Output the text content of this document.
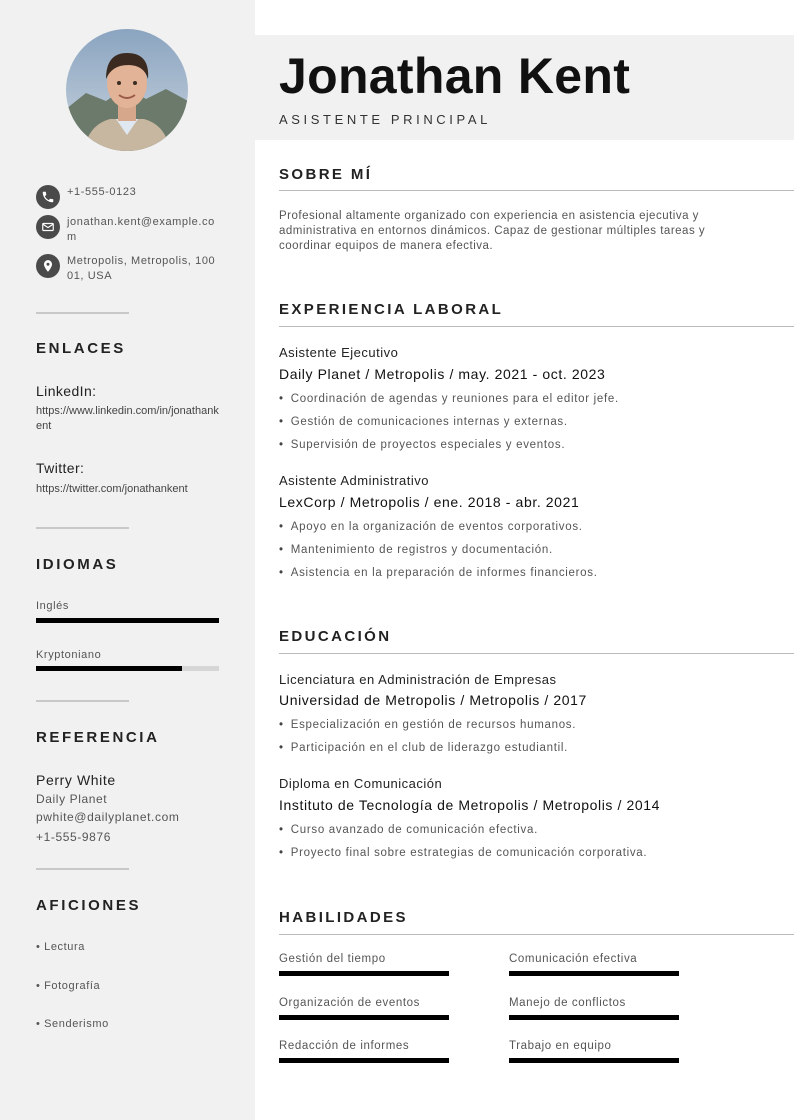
+1-555-0123
jonathan.kent@example.com
Metropolis, Metropolis, 10001, USA
ENLACES
LinkedIn:
https://www.linkedin.com/in/jonathankent
Twitter:
https://twitter.com/jonathankent
IDIOMAS
Inglés
Kryptoniano
REFERENCIA
Perry White
Daily Planet
pwhite@dailyplanet.com
+1-555-9876
AFICIONES
• Lectura
• Fotografía
• Senderismo
Jonathan Kent
ASISTENTE PRINCIPAL
SOBRE MÍ
Profesional altamente organizado con experiencia en asistencia ejecutiva y administrativa en entornos dinámicos. Capaz de gestionar múltiples tareas y coordinar equipos de manera efectiva.
EXPERIENCIA LABORAL
Asistente Ejecutivo
Daily Planet / Metropolis / may. 2021 - oct. 2023
• Coordinación de agendas y reuniones para el editor jefe.
• Gestión de comunicaciones internas y externas.
• Supervisión de proyectos especiales y eventos.
Asistente Administrativo
LexCorp / Metropolis / ene. 2018 - abr. 2021
• Apoyo en la organización de eventos corporativos.
• Mantenimiento de registros y documentación.
• Asistencia en la preparación de informes financieros.
EDUCACIÓN
Licenciatura en Administración de Empresas
Universidad de Metropolis / Metropolis / 2017
• Especialización en gestión de recursos humanos.
• Participación en el club de liderazgo estudiantil.
Diploma en Comunicación
Instituto de Tecnología de Metropolis / Metropolis / 2014
• Curso avanzado de comunicación efectiva.
• Proyecto final sobre estrategias de comunicación corporativa.
HABILIDADES
Gestión del tiempo	Comunicación efectiva
Organización de eventos	Manejo de conflictos
Redacción de informes	Trabajo en equipo
